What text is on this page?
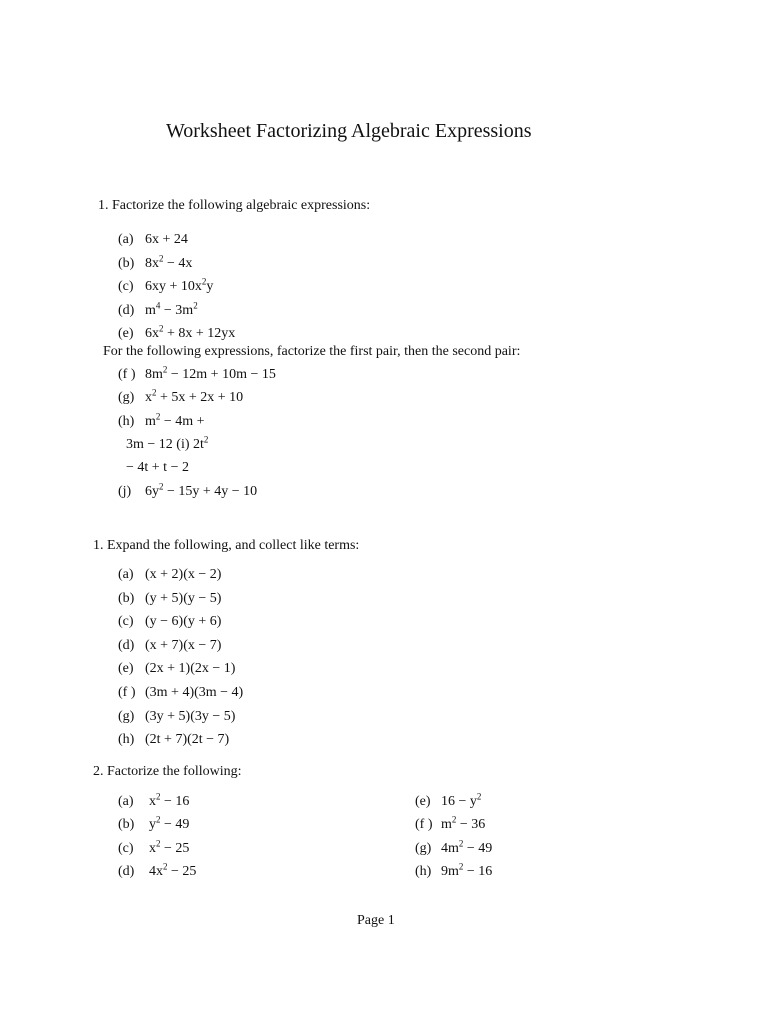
Worksheet Factorizing Algebraic Expressions
1. Factorize the following algebraic expressions:
(a) 6x + 24
(b) $8x^2 - 4x$
(c) $6xy + 10x^2y$
(d) $m^4 - 3m^2$
(e) $6x^2 + 8x + 12yx$
For the following expressions, factorize the first pair, then the second pair:
(f ) $8m^2 - 12m + 10m - 15$
(g) $x^2 + 5x + 2x + 10$
(h) $m^2 - 4m$ +
3m − 12 (i) $2t^2$
− 4t + t − 2
(j) $6y^2 - 15y + 4y - 10$
1. Expand the following, and collect like terms:
(a) (x + 2)(x − 2)
(b) (y + 5)(y − 5)
(c) (y − 6)(y + 6)
(d) (x + 7)(x − 7)
(e) (2x + 1)(2x − 1)
(f ) (3m + 4)(3m − 4)
(g) (3y + 5)(3y − 5)
(h) (2t + 7)(2t − 7)
2. Factorize the following:
(a) $x^2 - 16$
(b) $y^2 - 49$
(c) $x^2 - 25$
(d) $4x^2 - 25$
(e) $16 - y^2$
(f ) $m^2 - 36$
(g) $4m^2 - 49$
(h) $9m^2 - 16$
Page 1
